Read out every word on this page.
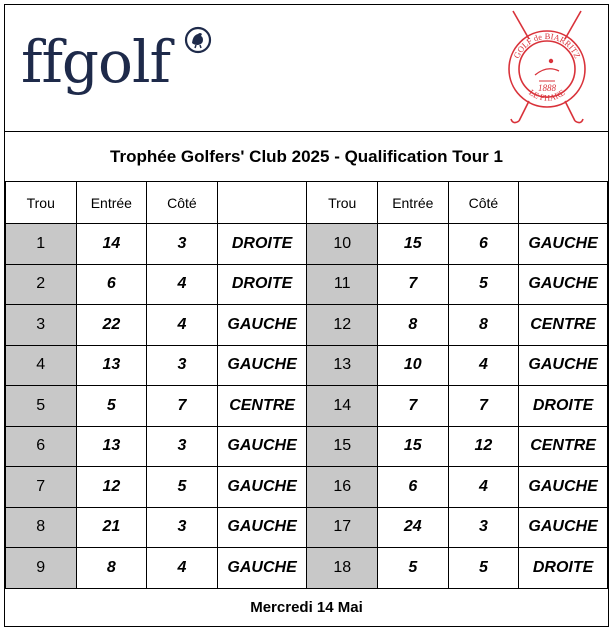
ffgolf	1888
GOLF de BIARRITZ
LE PHARE
Trophée Golfers' Club 2025 - Qualification Tour 1
Trou	Entrée	Côté		Trou	Entrée	Côté	
1	14	3	DROITE	10	15	6	GAUCHE
2	6	4	DROITE	11	7	5	GAUCHE
3	22	4	GAUCHE	12	8	8	CENTRE
4	13	3	GAUCHE	13	10	4	GAUCHE
5	5	7	CENTRE	14	7	7	DROITE
6	13	3	GAUCHE	15	15	12	CENTRE
7	12	5	GAUCHE	16	6	4	GAUCHE
8	21	3	GAUCHE	17	24	3	GAUCHE
9	8	4	GAUCHE	18	5	5	DROITE
Mercredi 14 Mai
